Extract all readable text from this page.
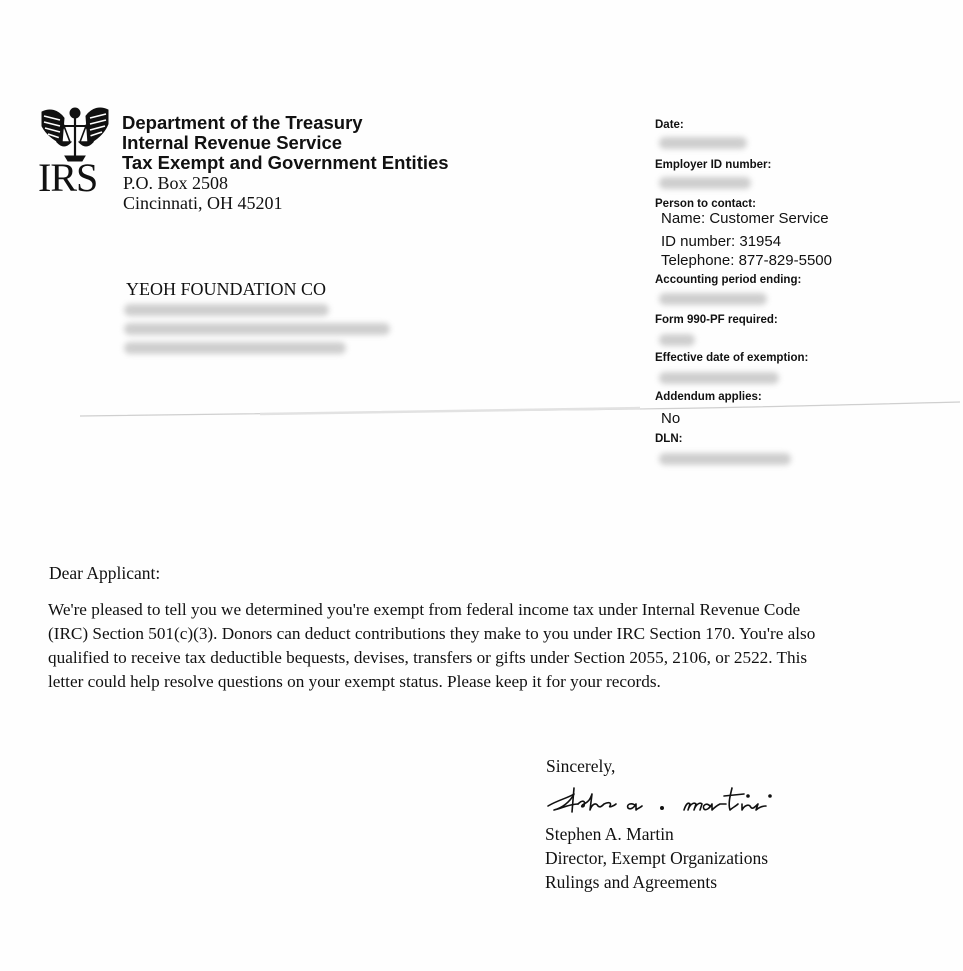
IRS
Department of the Treasury
Internal Revenue Service
Tax Exempt and Government Entities
P.O. Box 2508
Cincinnati, OH 45201
YEOH FOUNDATION CO
Date:
Employer ID number:
Person to contact:
Name: Customer Service
ID number: 31954
Telephone: 877-829-5500
Accounting period ending:
Form 990-PF required:
Effective date of exemption:
Addendum applies:
No
DLN:
Dear Applicant:
We're pleased to tell you we determined you're exempt from federal income tax under Internal Revenue Code
(IRC) Section 501(c)(3). Donors can deduct contributions they make to you under IRC Section 170. You're also
qualified to receive tax deductible bequests, devises, transfers or gifts under Section 2055, 2106, or 2522. This
letter could help resolve questions on your exempt status. Please keep it for your records.
Sincerely,
Stephen A. Martin
Director, Exempt Organizations
Rulings and Agreements
